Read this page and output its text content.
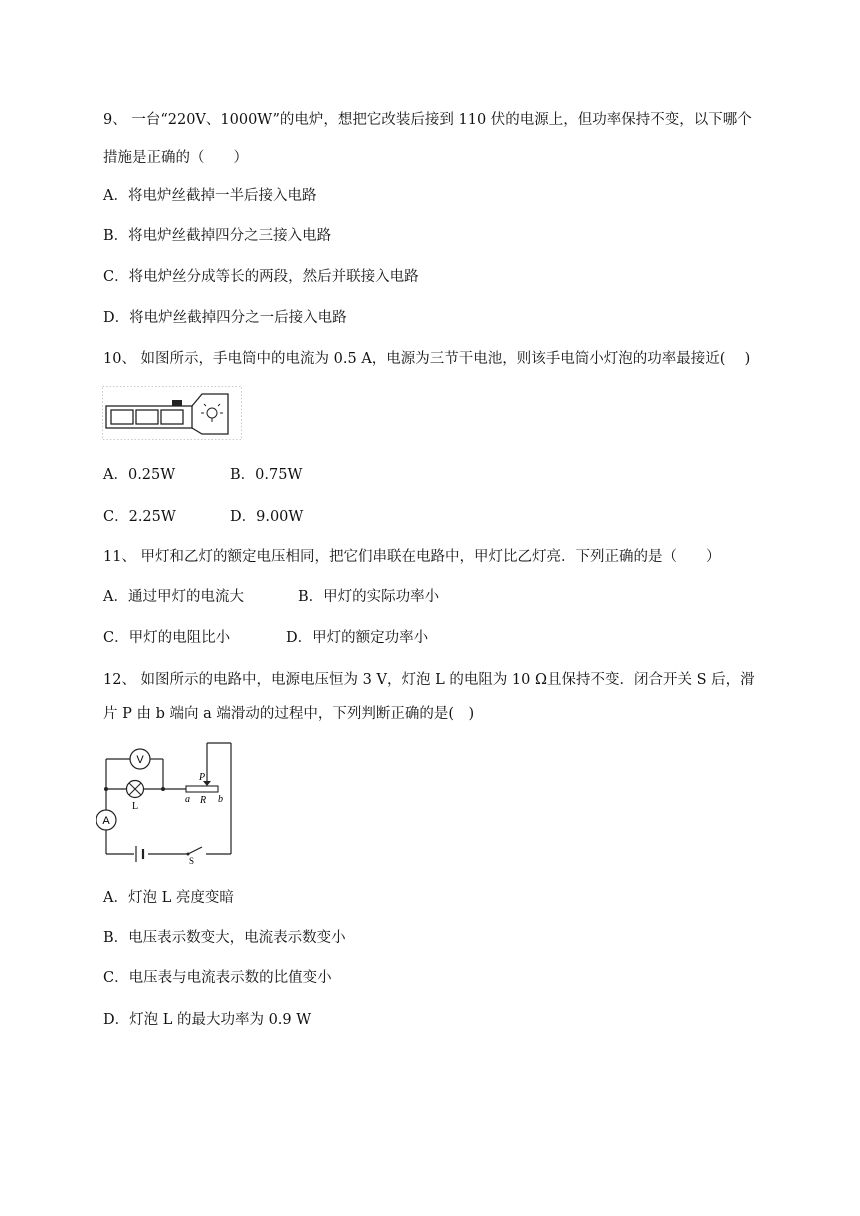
9、 一台“220V、1000W”的电炉，想把它改装后接到 110 伏的电源上，但功率保持不变，以下哪个
措施是正确的（　　）
A．将电炉丝截掉一半后接入电路
B．将电炉丝截掉四分之三接入电路
C．将电炉丝分成等长的两段，然后并联接入电路
D．将电炉丝截掉四分之一后接入电路
10、 如图所示，手电筒中的电流为 0.5 A，电源为三节干电池，则该手电筒小灯泡的功率最接近(　 )
A．0.25W	B．0.75W
C．2.25W	D．9.00W
11、 甲灯和乙灯的额定电压相同，把它们串联在电路中，甲灯比乙灯亮．下列正确的是（　　）
A．通过甲灯的电流大	B．甲灯的实际功率小
C．甲灯的电阻比小	D．甲灯的额定功率小
12、 如图所示的电路中，电源电压恒为 3 V，灯泡 L 的电阻为 10 Ω且保持不变．闭合开关 S 后，滑
片 P 由 b 端向 a 端滑动的过程中，下列判断正确的是(　)
V
L
A
P
a R b
S
A．灯泡 L 亮度变暗
B．电压表示数变大，电流表示数变小
C．电压表与电流表示数的比值变小
D．灯泡 L 的最大功率为 0.9 W
